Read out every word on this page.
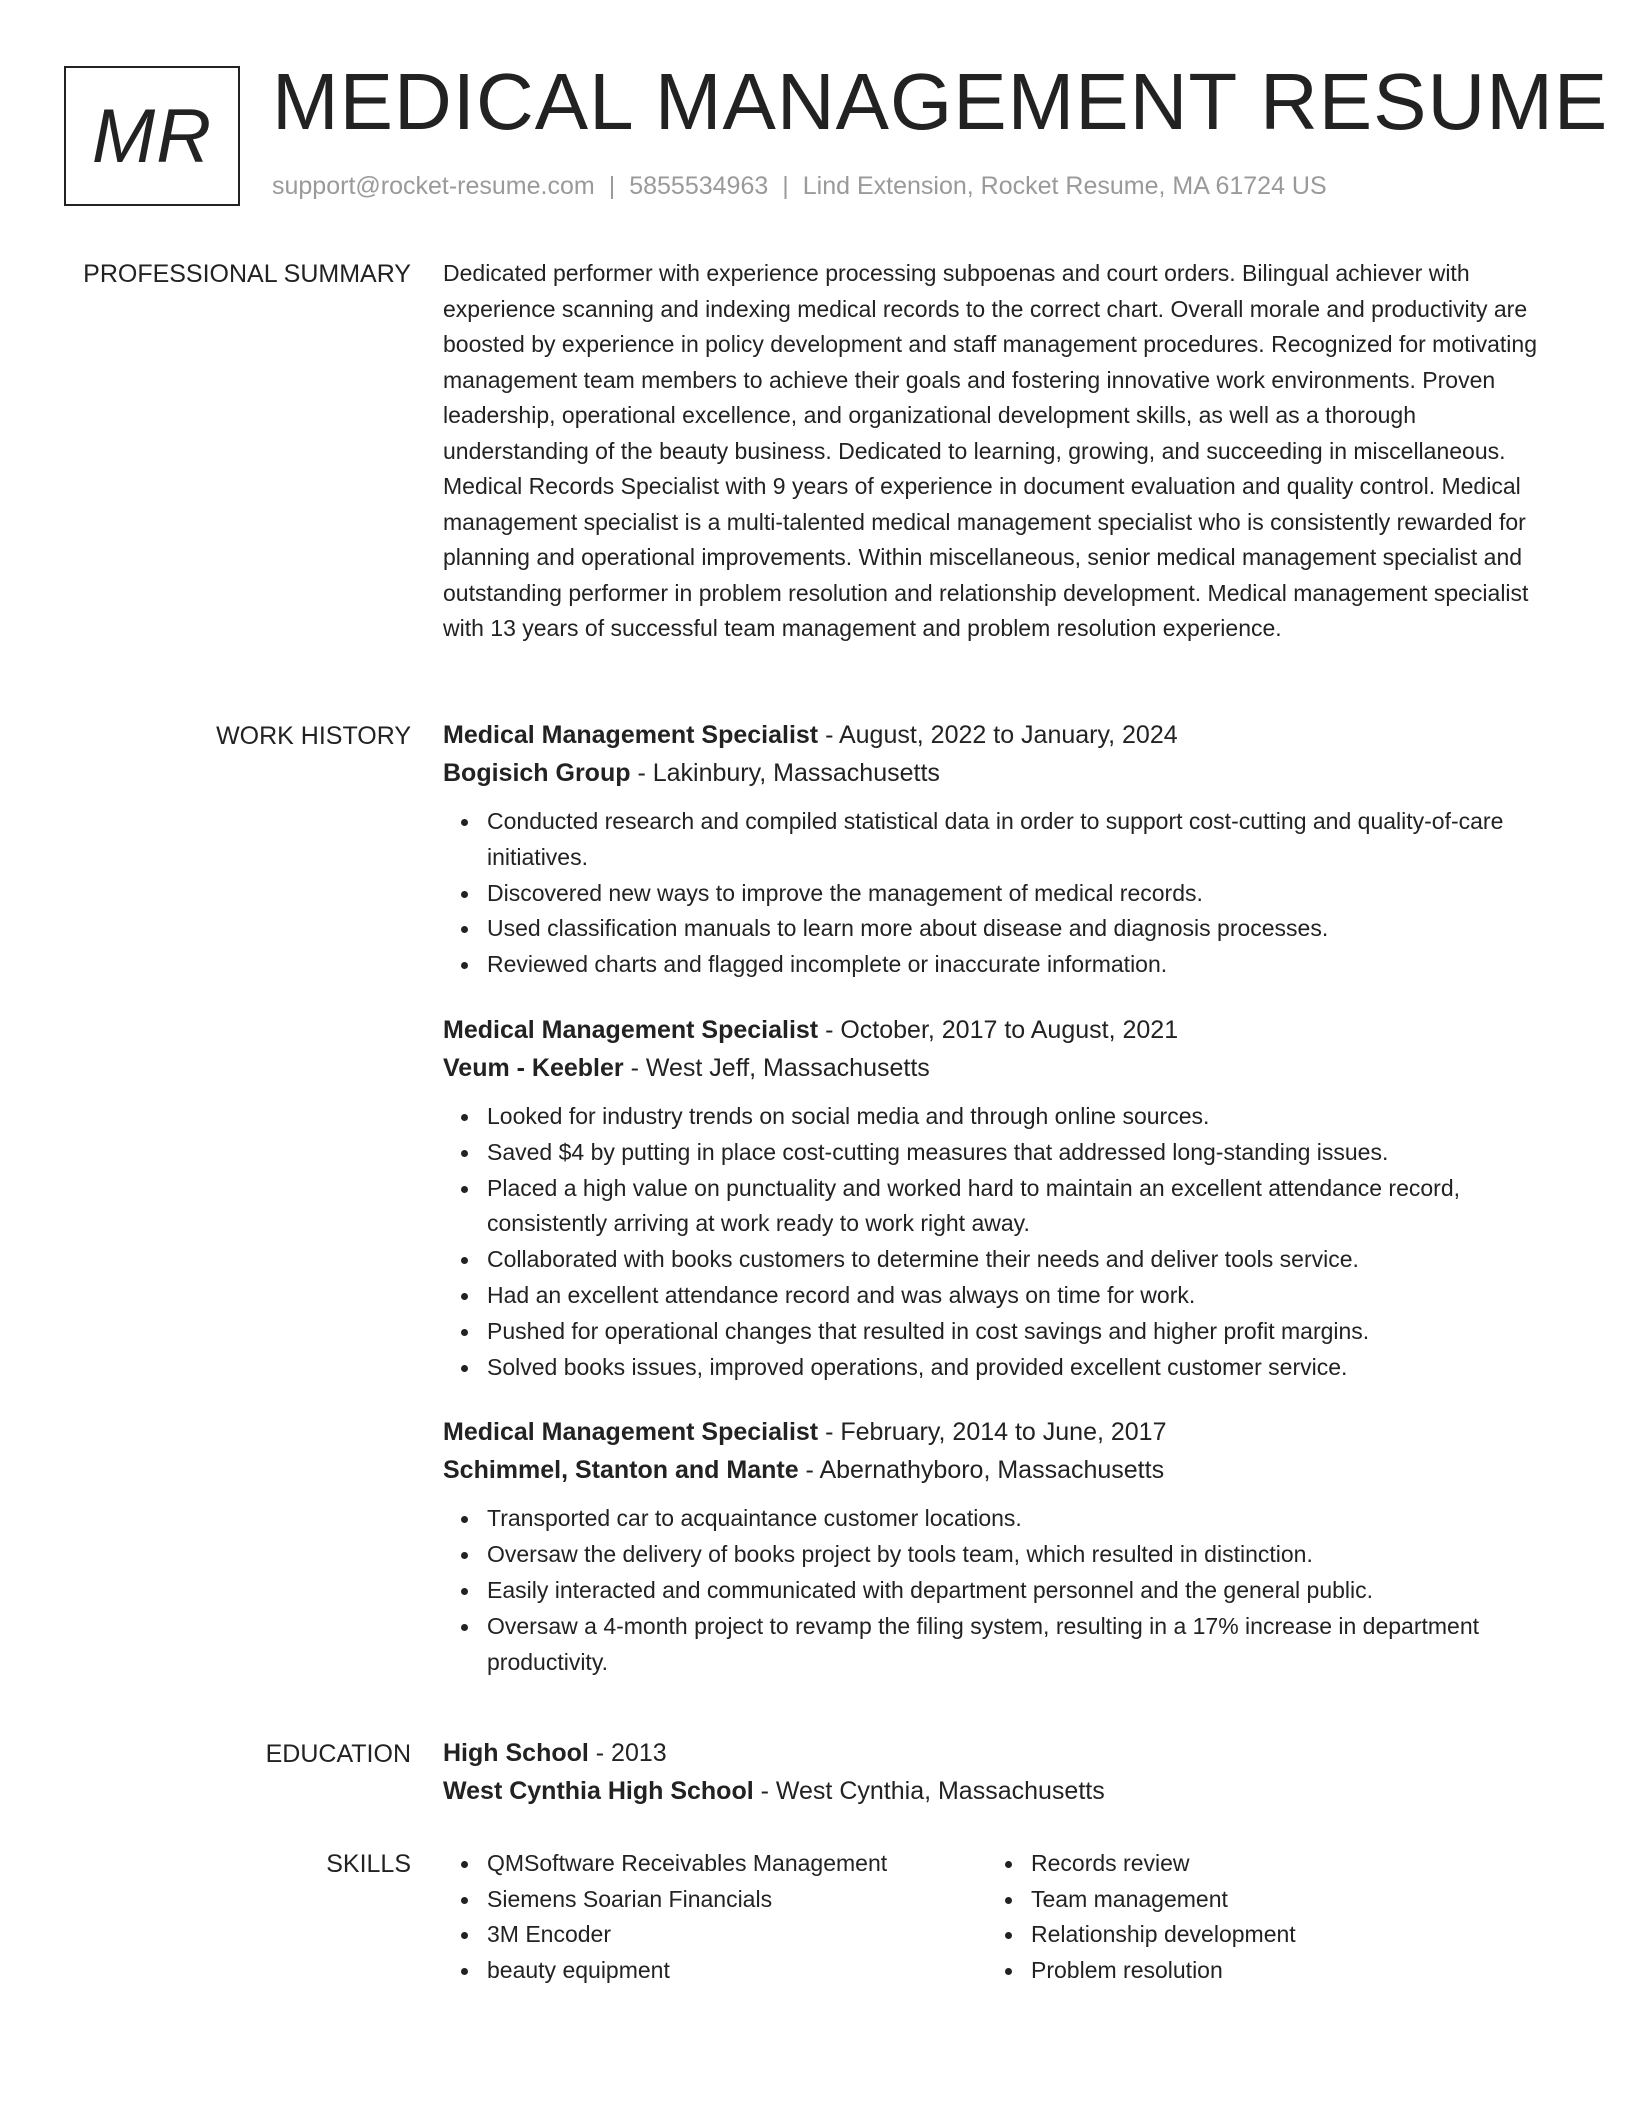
MR MEDICAL MANAGEMENT RESUME
support@rocket-resume.com | 5855534963 | Lind Extension, Rocket Resume, MA 61724 US
PROFESSIONAL SUMMARY Dedicated performer with experience processing subpoenas and court orders. Bilingual achiever with experience scanning and indexing medical records to the correct chart. Overall morale and productivity are boosted by experience in policy development and staff management procedures. Recognized for motivating management team members to achieve their goals and fostering innovative work environments. Proven leadership, operational excellence, and organizational development skills, as well as a thorough understanding of the beauty business. Dedicated to learning, growing, and succeeding in miscellaneous. Medical Records Specialist with 9 years of experience in document evaluation and quality control. Medical management specialist is a multi-talented medical management specialist who is consistently rewarded for planning and operational improvements. Within miscellaneous, senior medical management specialist and outstanding performer in problem resolution and relationship development. Medical management specialist with 13 years of successful team management and problem resolution experience.

WORK HISTORY Medical Management Specialist - August, 2022 to January, 2024
Bogisich Group - Lakinbury, Massachusetts
Conducted research and compiled statistical data in order to support cost-cutting and quality-of-care initiatives.
Discovered new ways to improve the management of medical records.
Used classification manuals to learn more about disease and diagnosis processes.
Reviewed charts and flagged incomplete or inaccurate information.
Medical Management Specialist - October, 2017 to August, 2021
Veum - Keebler - West Jeff, Massachusetts
Looked for industry trends on social media and through online sources.
Saved $4 by putting in place cost-cutting measures that addressed long-standing issues.
Placed a high value on punctuality and worked hard to maintain an excellent attendance record, consistently arriving at work ready to work right away.
Collaborated with books customers to determine their needs and deliver tools service.
Had an excellent attendance record and was always on time for work.
Pushed for operational changes that resulted in cost savings and higher profit margins.
Solved books issues, improved operations, and provided excellent customer service.
Medical Management Specialist - February, 2014 to June, 2017
Schimmel, Stanton and Mante - Abernathyboro, Massachusetts
Transported car to acquaintance customer locations.
Oversaw the delivery of books project by tools team, which resulted in distinction.
Easily interacted and communicated with department personnel and the general public.
Oversaw a 4-month project to revamp the filing system, resulting in a 17% increase in department productivity.
EDUCATION High School - 2013
West Cynthia High School - West Cynthia, Massachusetts
SKILLS	QMSoftware Receivables Management
Siemens Soarian Financials
3M Encoder
beauty equipment
Records review
Team management
Relationship development
Problem resolution
